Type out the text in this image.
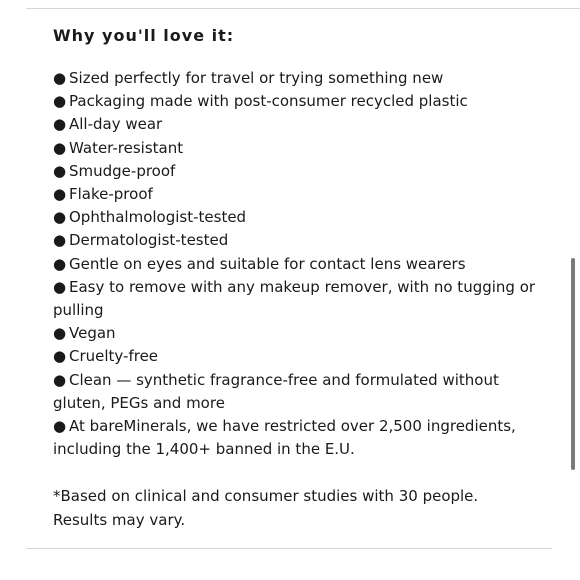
Why you'll love it:
● Sized perfectly for travel or trying something new
● Packaging made with post-consumer recycled plastic
● All-day wear
● Water-resistant
● Smudge-proof
● Flake-proof
● Ophthalmologist-tested
● Dermatologist-tested
● Gentle on eyes and suitable for contact lens wearers
● Easy to remove with any makeup remover, with no tugging or pulling
● Vegan
● Cruelty-free
● Clean — synthetic fragrance-free and formulated without gluten, PEGs and more
● At bareMinerals, we have restricted over 2,500 ingredients, including the 1,400+ banned in the E.U.

*Based on clinical and consumer studies with 30 people.
Results may vary.
